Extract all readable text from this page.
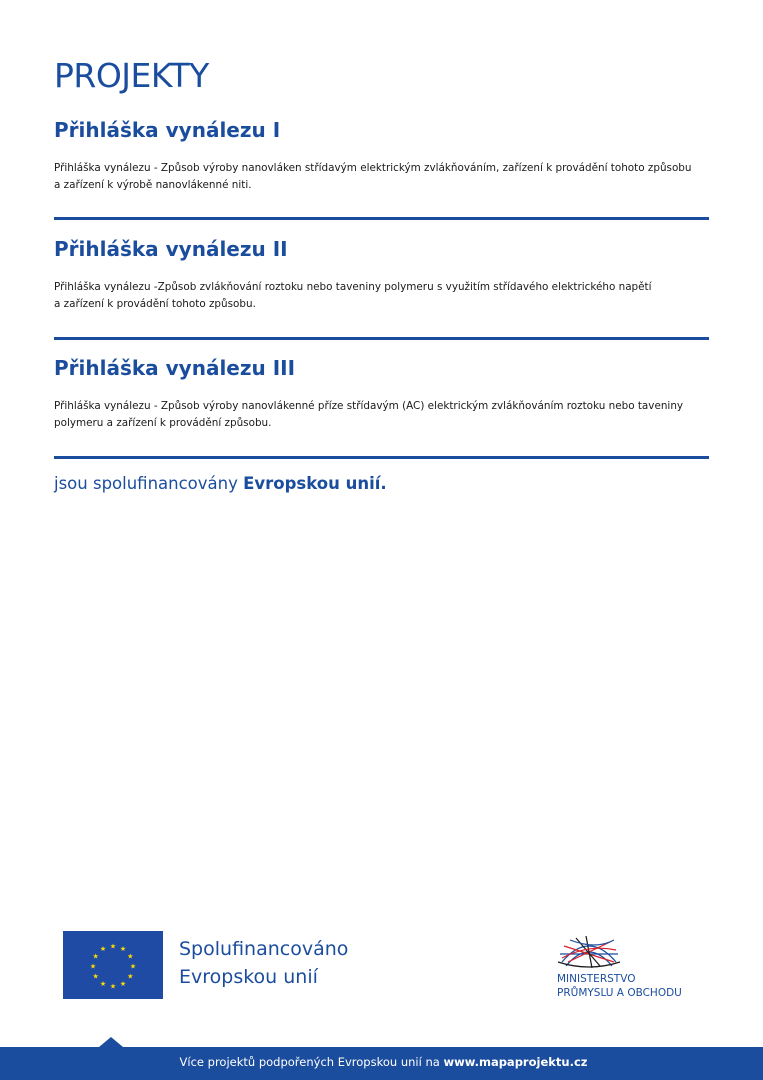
PROJEKTY
Přihláška vynálezu I

Přihláška vynálezu - Způsob výroby nanovláken střídavým elektrickým zvlákňováním, zařízení k provádění tohoto způsobu
a zařízení k výrobě nanovlákenné niti.

Přihláška vynálezu II

Přihláška vynálezu -Způsob zvlákňování roztoku nebo taveniny polymeru s využitím střídavého elektrického napětí
a zařízení k provádění tohoto způsobu.

Přihláška vynálezu III

Přihláška vynálezu - Způsob výroby nanovlákenné příze střídavým (AC) elektrickým zvlákňováním roztoku nebo taveniny
polymeru a zařízení k provádění způsobu.

jsou spolufinancovány Evropskou unií.

★ ★
★
★
★
★
★
★
★
★
★
★	Spolufinancováno
Evropskou unií	MINISTERSTVO
PRŮMYSLU A OBCHODU
Více projektů podpořených Evropskou unií na www.mapaprojektu.cz
